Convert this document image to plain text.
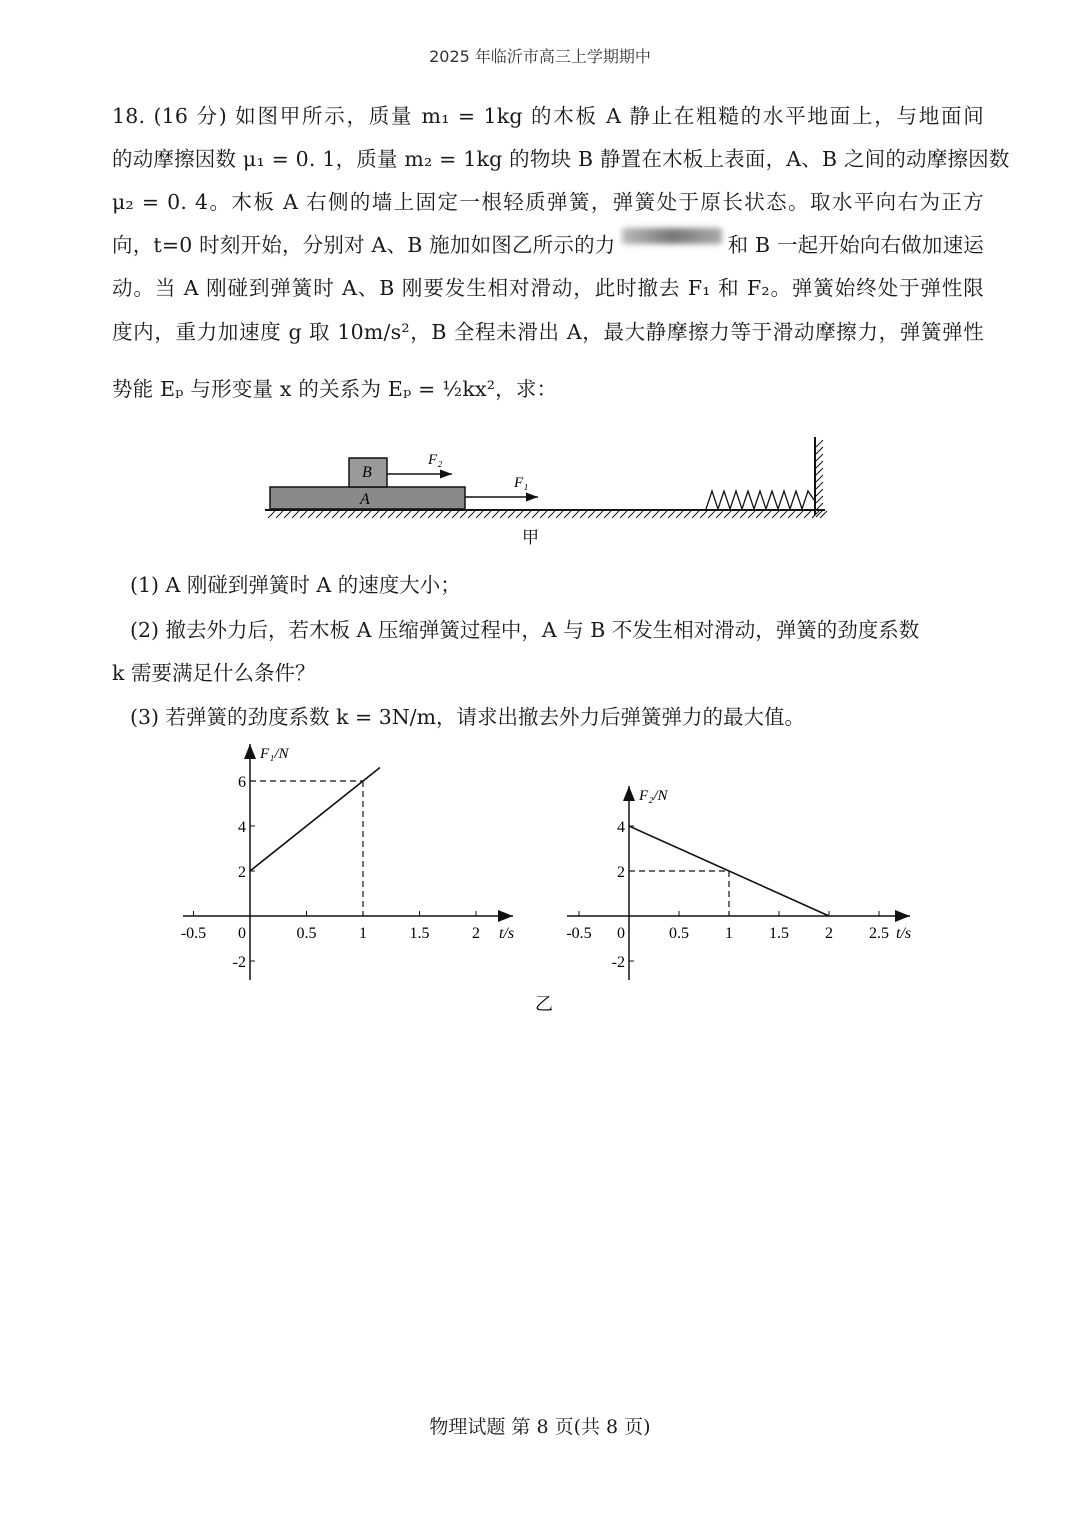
2025 年临沂市高三上学期期中
18. (16 分) 如图甲所示，质量 m₁ = 1kg 的木板 A 静止在粗糙的水平地面上，与地面间
的动摩擦因数 μ₁ = 0. 1，质量 m₂ = 1kg 的物块 B 静置在木板上表面，A、B 之间的动摩擦因数
μ₂ = 0. 4。木板 A 右侧的墙上固定一根轻质弹簧，弹簧处于原长状态。取水平向右为正方
向，t=0 时刻开始，分别对 A、B 施加如图乙所示的力	和 B 一起开始向右做加速运
动。当 A 刚碰到弹簧时 A、B 刚要发生相对滑动，此时撤去 F₁ 和 F₂。弹簧始终处于弹性限
度内，重力加速度 g 取 10m/s²，B 全程未滑出 A，最大静摩擦力等于滑动摩擦力，弹簧弹性
势能 Eₚ 与形变量 x 的关系为 Eₚ = ½kx²，求：
B
A
F₂
F₁
甲
(1) A 刚碰到弹簧时 A 的速度大小；
(2) 撤去外力后，若木板 A 压缩弹簧过程中，A 与 B 不发生相对滑动，弹簧的劲度系数
k 需要满足什么条件？
(3) 若弹簧的劲度系数 k = 3N/m，请求出撤去外力后弹簧弹力的最大值。
乙
-0.5 0	0.5	1	1.5	2
6
4
2
-2
t/s
F₁/N
-0.5 0	0.5 1 1.5 2 2.5
4
2
-2
t/s
F₂/N
物理试题 第 8 页(共 8 页)
